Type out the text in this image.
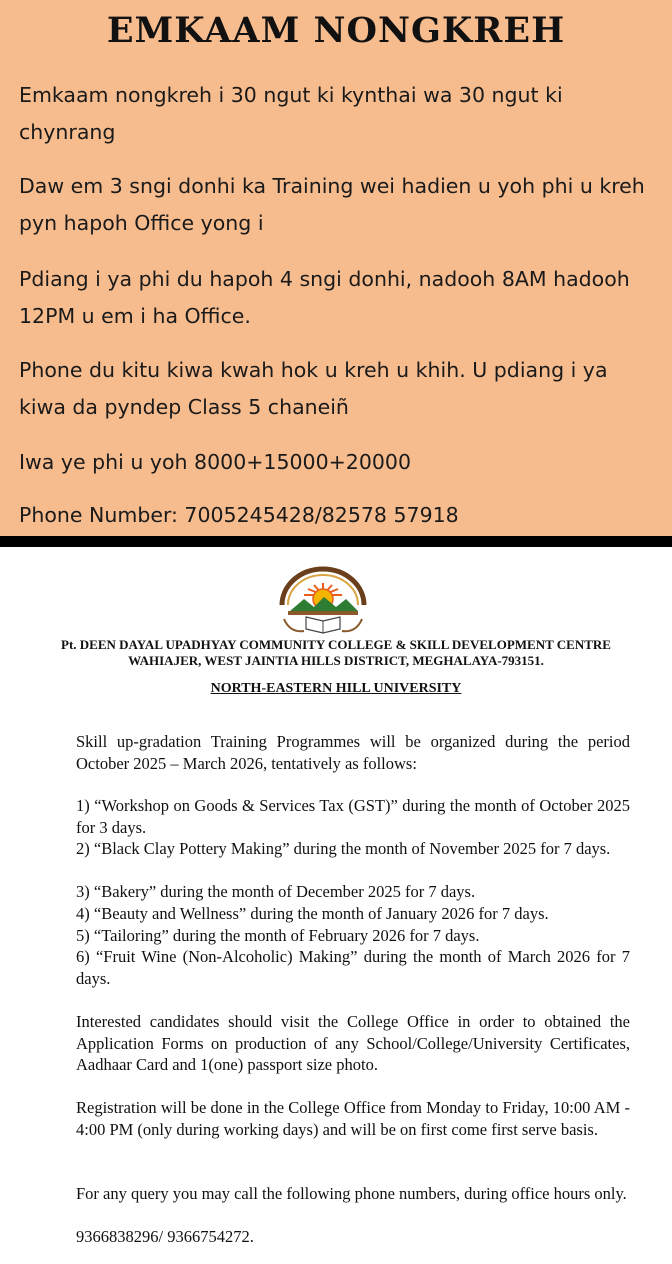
EMKAAM NONGKREH

Emkaam nongkreh i 30 ngut ki kynthai wa 30 ngut ki chynrang

Daw em 3 sngi donhi ka Training wei hadien u yoh phi u kreh pyn hapoh Office yong i

Pdiang i ya phi du hapoh 4 sngi donhi, nadooh 8AM hadooh 12PM u em i ha Office.

Phone du kitu kiwa kwah hok u kreh u khih. U pdiang i ya kiwa da pyndep Class 5 chaneiñ

Iwa ye phi u yoh 8000+15000+20000

Phone Number: 7005245428/82578 57918

Pt. DEEN DAYAL UPADHYAY COMMUNITY COLLEGE & SKILL DEVELOPMENT CENTRE
WAHIAJER, WEST JAINTIA HILLS DISTRICT, MEGHALAYA-793151.
NORTH-EASTERN HILL UNIVERSITY

Skill up-gradation Training Programmes will be organized during the period October 2025 – March 2026, tentatively as follows:

1) “Workshop on Goods & Services Tax (GST)” during the month of October 2025 for 3 days.

2) “Black Clay Pottery Making” during the month of November 2025 for 7 days.

3) “Bakery” during the month of December 2025 for 7 days.

4) “Beauty and Wellness” during the month of January 2026 for 7 days.

5) “Tailoring” during the month of February 2026 for 7 days.

6) “Fruit Wine (Non-Alcoholic) Making” during the month of March 2026 for 7 days.

Interested candidates should visit the College Office in order to obtained the Application Forms on production of any School/College/University Certificates, Aadhaar Card and 1(one) passport size photo.

Registration will be done in the College Office from Monday to Friday, 10:00 AM - 4:00 PM (only during working days) and will be on first come first serve basis.

For any query you may call the following phone numbers, during office hours only.

9366838296/ 9366754272.
